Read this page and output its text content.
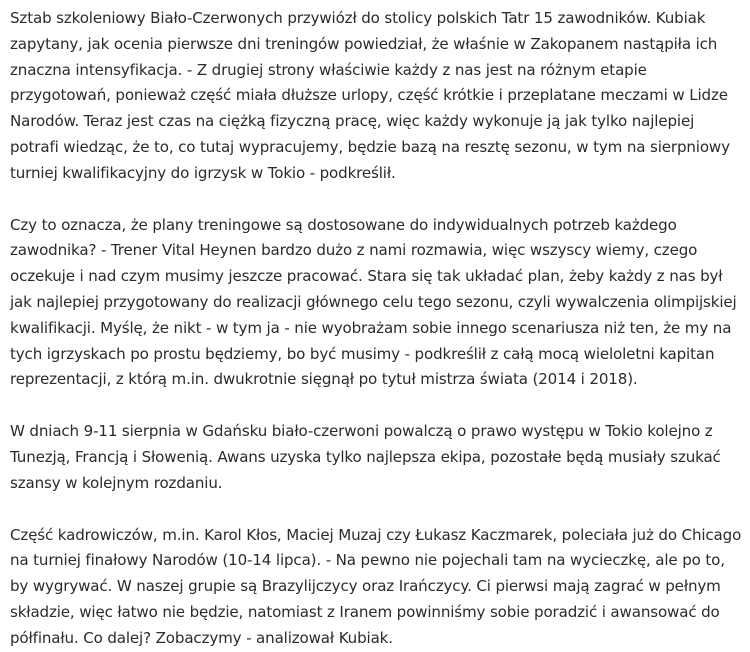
Sztab szkoleniowy Biało-Czerwonych przywiózł do stolicy polskich Tatr 15 zawodników. Kubiak zapytany, jak ocenia pierwsze dni treningów powiedział, że właśnie w Zakopanem nastąpiła ich znaczna intensyfikacja. - Z drugiej strony właściwie każdy z nas jest na różnym etapie przygotowań, ponieważ część miała dłuższe urlopy, część krótkie i przeplatane meczami w Lidze Narodów. Teraz jest czas na ciężką fizyczną pracę, więc każdy wykonuje ją jak tylko najlepiej potrafi wiedząc, że to, co tutaj wypracujemy, będzie bazą na resztę sezonu, w tym na sierpniowy turniej kwalifikacyjny do igrzysk w Tokio - podkreślił.

Czy to oznacza, że plany treningowe są dostosowane do indywidualnych potrzeb każdego zawodnika? - Trener Vital Heynen bardzo dużo z nami rozmawia, więc wszyscy wiemy, czego oczekuje i nad czym musimy jeszcze pracować. Stara się tak układać plan, żeby każdy z nas był jak najlepiej przygotowany do realizacji głównego celu tego sezonu, czyli wywalczenia olimpijskiej kwalifikacji. Myślę, że nikt - w tym ja - nie wyobrażam sobie innego scenariusza niż ten, że my na tych igrzyskach po prostu będziemy, bo być musimy - podkreślił z całą mocą wieloletni kapitan reprezentacji, z którą m.in. dwukrotnie sięgnął po tytuł mistrza świata (2014 i 2018).

W dniach 9-11 sierpnia w Gdańsku biało-czerwoni powalczą o prawo występu w Tokio kolejno z Tunezją, Francją i Słowenią. Awans uzyska tylko najlepsza ekipa, pozostałe będą musiały szukać szansy w kolejnym rozdaniu.

Część kadrowiczów, m.in. Karol Kłos, Maciej Muzaj czy Łukasz Kaczmarek, poleciała już do Chicago na turniej finałowy Narodów (10-14 lipca). - Na pewno nie pojechali tam na wycieczkę, ale po to, by wygrywać. W naszej grupie są Brazylijczycy oraz Irańczycy. Ci pierwsi mają zagrać w pełnym składzie, więc łatwo nie będzie, natomiast z Iranem powinniśmy sobie poradzić i awansować do półfinału. Co dalej? Zobaczymy - analizował Kubiak.
